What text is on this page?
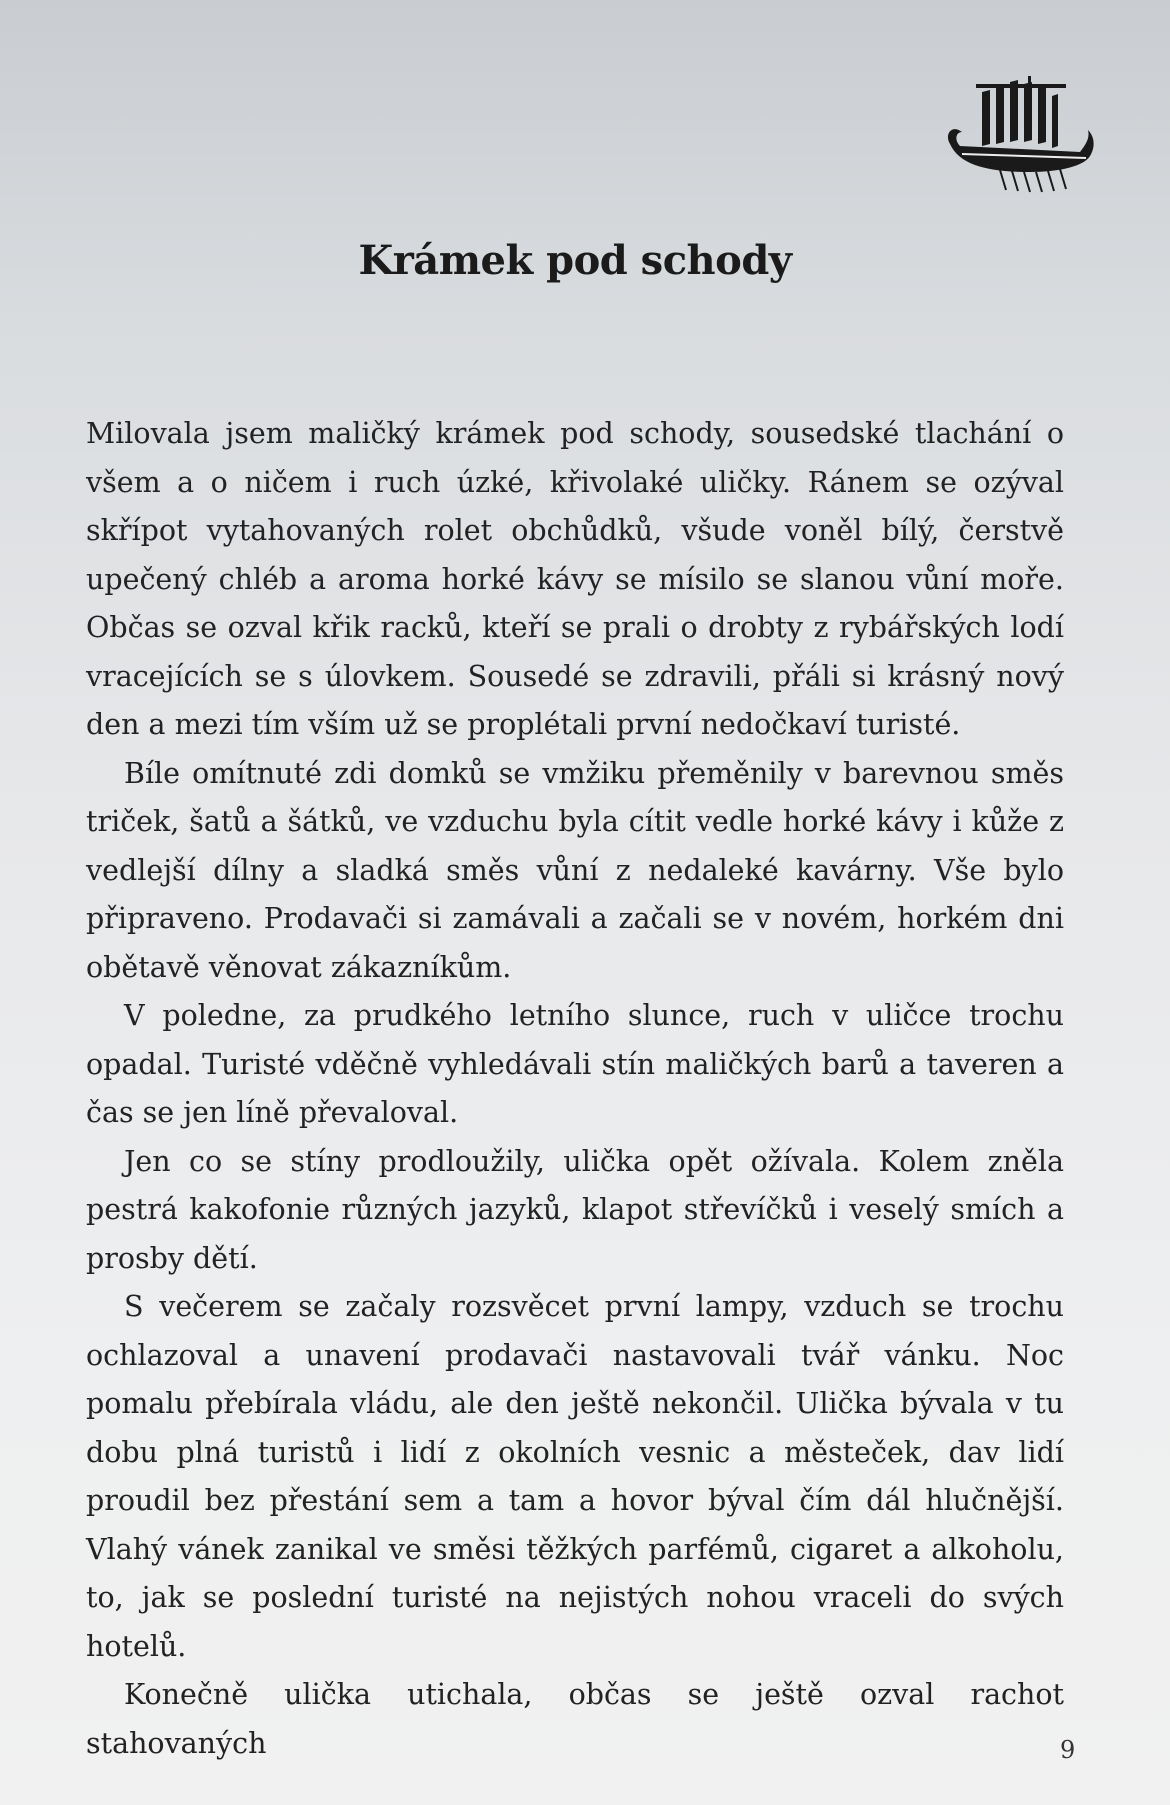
Krámek pod schody

Milovala jsem maličký krámek pod schody, sousedské tlachání o všem a o ničem i ruch úzké, křivolaké uličky. Ránem se ozýval skřípot vytahovaných rolet obchůdků, všude voněl bílý, čerstvě upečený chléb a aroma horké kávy se mísilo se slanou vůní moře. Občas se ozval křik racků, kteří se prali o drobty z rybářských lodí vracejících se s úlovkem. Sousedé se zdravili, přáli si krásný nový den a mezi tím vším už se proplétali první nedočkaví turisté.

Bíle omítnuté zdi domků se vmžiku přeměnily v barevnou směs triček, šatů a šátků, ve vzduchu byla cítit vedle horké kávy i kůže z vedlejší dílny a sladká směs vůní z nedaleké kavárny. Vše bylo připraveno. Prodavači si zamávali a začali se v novém, horkém dni obětavě věnovat zákazníkům.

V poledne, za prudkého letního slunce, ruch v uličce trochu opadal. Turisté vděčně vyhledávali stín maličkých barů a taveren a čas se jen líně převaloval.

Jen co se stíny prodloužily, ulička opět ožívala. Kolem zněla pestrá kakofonie různých jazyků, klapot střevíčků i veselý smích a prosby dětí.

S večerem se začaly rozsvěcet první lampy, vzduch se trochu ochlazoval a unavení prodavači nastavovali tvář vánku. Noc pomalu přebírala vládu, ale den ještě nekončil. Ulička bývala v tu dobu plná turistů i lidí z okolních vesnic a městeček, dav lidí proudil bez přestání sem a tam a hovor býval čím dál hlučnější. Vlahý vánek zanikal ve směsi těžkých parfémů, cigaret a alkoholu, to, jak se poslední turisté na nejistých nohou vraceli do svých hotelů.

Konečně ulička utichala, občas se ještě ozval rachot stahovaných	9
